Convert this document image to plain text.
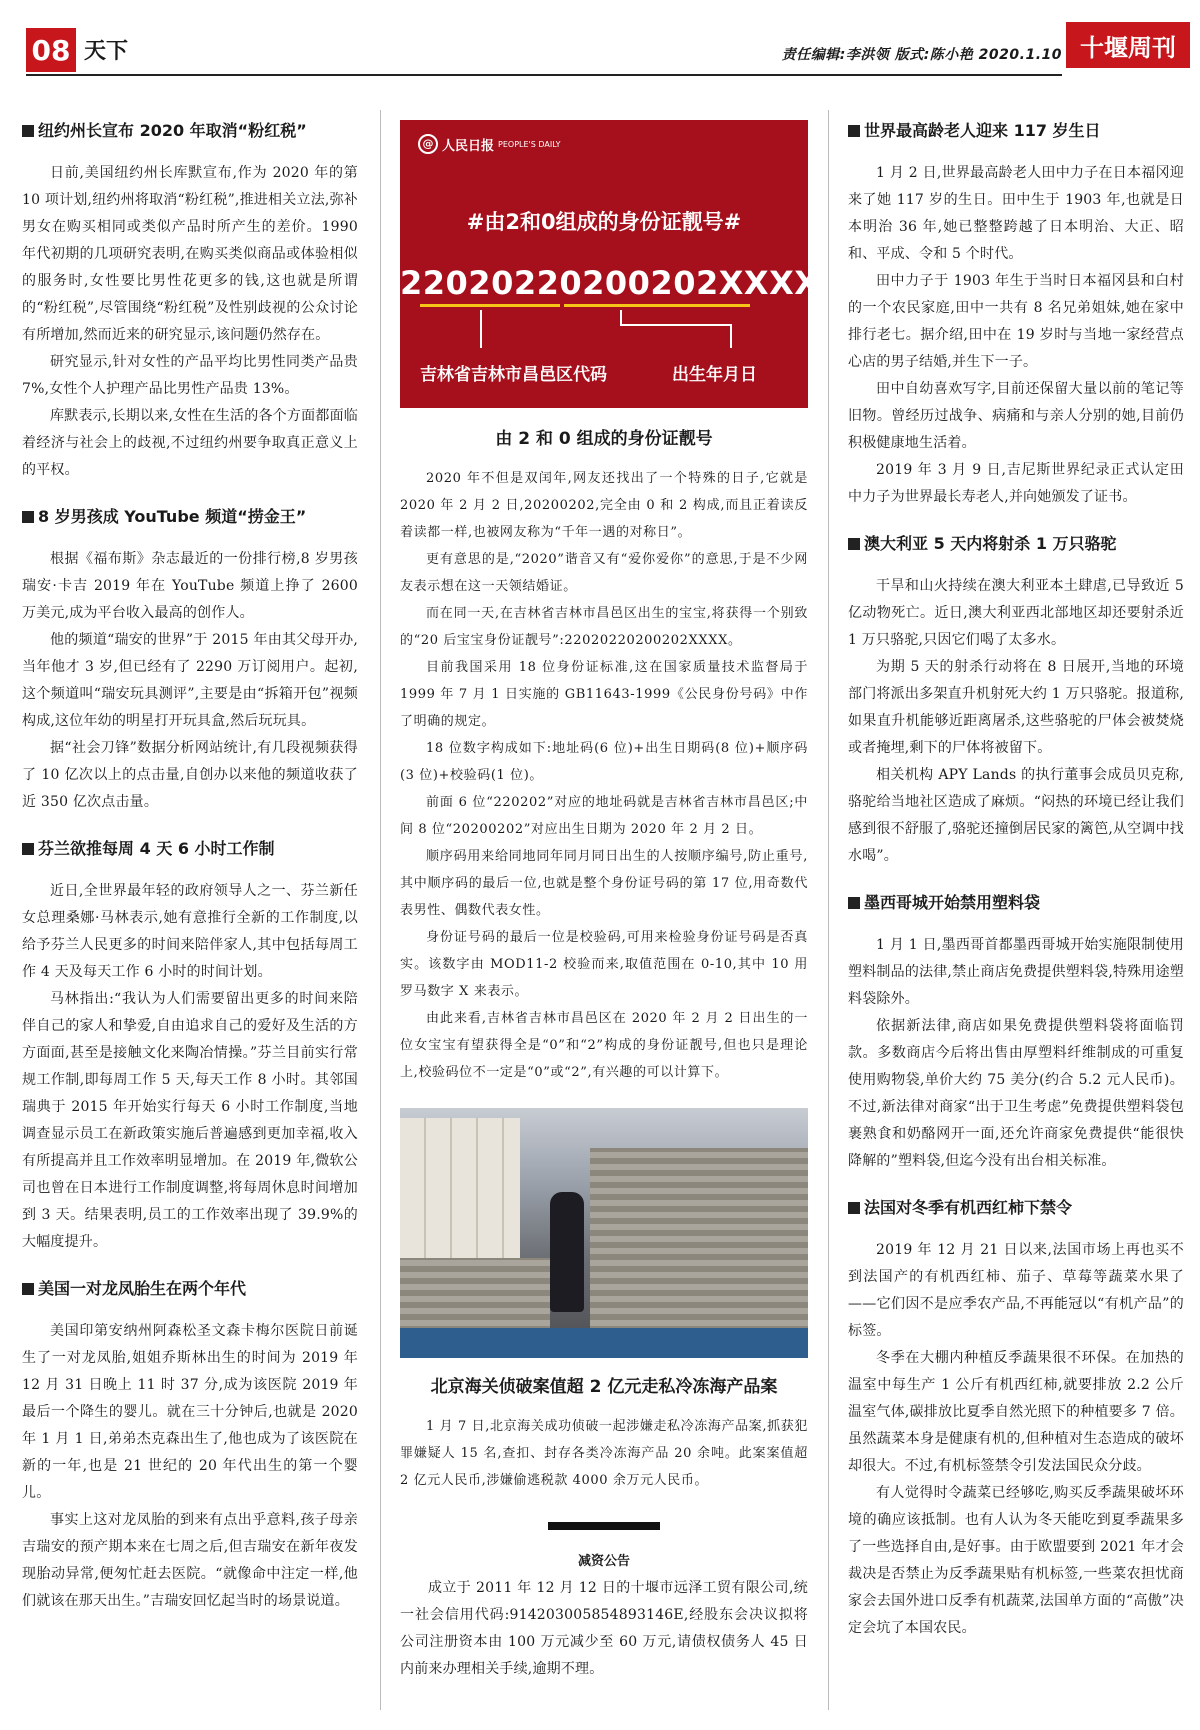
08 天下	责任编辑:李洪领 版式:陈小艳 2020.1.10 十堰周刊
纽约州长宣布 2020 年取消“粉红税”

日前,美国纽约州长库默宣布,作为 2020 年的第 10 项计划,纽约州将取消“粉红税”,推进相关立法,弥补男女在购买相同或类似产品时所产生的差价。1990 年代初期的几项研究表明,在购买类似商品或体验相似的服务时,女性要比男性花更多的钱,这也就是所谓的“粉红税”,尽管围绕“粉红税”及性别歧视的公众讨论有所增加,然而近来的研究显示,该问题仍然存在。

研究显示,针对女性的产品平均比男性同类产品贵 7%,女性个人护理产品比男性产品贵 13%。

库默表示,长期以来,女性在生活的各个方面都面临着经济与社会上的歧视,不过纽约州要争取真正意义上的平权。

8 岁男孩成 YouTube 频道“捞金王”

根据《福布斯》杂志最近的一份排行榜,8 岁男孩瑞安·卡吉 2019 年在 YouTube 频道上挣了 2600 万美元,成为平台收入最高的创作人。

他的频道“瑞安的世界”于 2015 年由其父母开办,当年他才 3 岁,但已经有了 2290 万订阅用户。起初,这个频道叫“瑞安玩具测评”,主要是由“拆箱开包”视频构成,这位年幼的明星打开玩具盒,然后玩玩具。

据“社会刀锋”数据分析网站统计,有几段视频获得了 10 亿次以上的点击量,自创办以来他的频道收获了近 350 亿次点击量。

芬兰欲推每周 4 天 6 小时工作制

近日,全世界最年轻的政府领导人之一、芬兰新任女总理桑娜·马林表示,她有意推行全新的工作制度,以给予芬兰人民更多的时间来陪伴家人,其中包括每周工作 4 天及每天工作 6 小时的时间计划。

马林指出:“我认为人们需要留出更多的时间来陪伴自己的家人和挚爱,自由追求自己的爱好及生活的方方面面,甚至是接触文化来陶冶情操。”芬兰目前实行常规工作制,即每周工作 5 天,每天工作 8 小时。其邻国瑞典于 2015 年开始实行每天 6 小时工作制度,当地调查显示员工在新政策实施后普遍感到更加幸福,收入有所提高并且工作效率明显增加。在 2019 年,微软公司也曾在日本进行工作制度调整,将每周休息时间增加到 3 天。结果表明,员工的工作效率出现了 39.9%的大幅度提升。

美国一对龙凤胎生在两个年代

美国印第安纳州阿森松圣文森卡梅尔医院日前诞生了一对龙凤胎,姐姐乔斯林出生的时间为 2019 年 12 月 31 日晚上 11 时 37 分,成为该医院 2019 年最后一个降生的婴儿。就在三十分钟后,也就是 2020 年 1 月 1 日,弟弟杰克森出生了,他也成为了该医院在新的一年,也是 21 世纪的 20 年代出生的第一个婴儿。

事实上这对龙凤胎的到来有点出乎意料,孩子母亲吉瑞安的预产期本来在七周之后,但吉瑞安在新年夜发现胎动异常,便匆忙赶去医院。“就像命中注定一样,他们就该在那天出生。”吉瑞安回忆起当时的场景说道。

@ 人民日报 PEOPLE'S DAILY
#由2和0组成的身份证靓号#
22020220200202XXXX
吉林省吉林市昌邑区代码	出生年月日
由 2 和 0 组成的身份证靓号

2020 年不但是双闰年,网友还找出了一个特殊的日子,它就是 2020 年 2 月 2 日,20200202,完全由 0 和 2 构成,而且正着读反着读都一样,也被网友称为“千年一遇的对称日”。

更有意思的是,“2020”谐音又有“爱你爱你”的意思,于是不少网友表示想在这一天领结婚证。

而在同一天,在吉林省吉林市昌邑区出生的宝宝,将获得一个别致的“20 后宝宝身份证靓号”:22020220200202XXXX。

目前我国采用 18 位身份证标准,这在国家质量技术监督局于 1999 年 7 月 1 日实施的 GB11643-1999《公民身份号码》中作了明确的规定。

18 位数字构成如下:地址码(6 位)+出生日期码(8 位)+顺序码(3 位)+校验码(1 位)。

前面 6 位“220202”对应的地址码就是吉林省吉林市昌邑区;中间 8 位“20200202”对应出生日期为 2020 年 2 月 2 日。

顺序码用来给同地同年同月同日出生的人按顺序编号,防止重号,其中顺序码的最后一位,也就是整个身份证号码的第 17 位,用奇数代表男性、偶数代表女性。

身份证号码的最后一位是校验码,可用来检验身份证号码是否真实。该数字由 MOD11-2 校验而来,取值范围在 0-10,其中 10 用罗马数字 X 来表示。

由此来看,吉林省吉林市昌邑区在 2020 年 2 月 2 日出生的一位女宝宝有望获得全是“0”和“2”构成的身份证靓号,但也只是理论上,校验码位不一定是“0”或“2”,有兴趣的可以计算下。

北京海关侦破案值超 2 亿元走私冷冻海产品案

1 月 7 日,北京海关成功侦破一起涉嫌走私冷冻海产品案,抓获犯罪嫌疑人 15 名,查扣、封存各类冷冻海产品 20 余吨。此案案值超 2 亿元人民币,涉嫌偷逃税款 4000 余万元人民币。

减资公告

成立于 2011 年 12 月 12 日的十堰市远泽工贸有限公司,统一社会信用代码:914203005854893146E,经股东会决议拟将公司注册资本由 100 万元减少至 60 万元,请债权债务人 45 日内前来办理相关手续,逾期不理。

世界最高龄老人迎来 117 岁生日

1 月 2 日,世界最高龄老人田中力子在日本福冈迎来了她 117 岁的生日。田中生于 1903 年,也就是日本明治 36 年,她已整整跨越了日本明治、大正、昭和、平成、令和 5 个时代。

田中力子于 1903 年生于当时日本福冈县和白村的一个农民家庭,田中一共有 8 名兄弟姐妹,她在家中排行老七。据介绍,田中在 19 岁时与当地一家经营点心店的男子结婚,并生下一子。

田中自幼喜欢写字,目前还保留大量以前的笔记等旧物。曾经历过战争、病痛和与亲人分别的她,目前仍积极健康地生活着。

2019 年 3 月 9 日,吉尼斯世界纪录正式认定田中力子为世界最长寿老人,并向她颁发了证书。

澳大利亚 5 天内将射杀 1 万只骆驼

干旱和山火持续在澳大利亚本土肆虐,已导致近 5 亿动物死亡。近日,澳大利亚西北部地区却还要射杀近 1 万只骆驼,只因它们喝了太多水。

为期 5 天的射杀行动将在 8 日展开,当地的环境部门将派出多架直升机射死大约 1 万只骆驼。报道称,如果直升机能够近距离屠杀,这些骆驼的尸体会被焚烧或者掩埋,剩下的尸体将被留下。

相关机构 APY Lands 的执行董事会成员贝克称,骆驼给当地社区造成了麻烦。“闷热的环境已经让我们感到很不舒服了,骆驼还撞倒居民家的篱笆,从空调中找水喝”。

墨西哥城开始禁用塑料袋

1 月 1 日,墨西哥首都墨西哥城开始实施限制使用塑料制品的法律,禁止商店免费提供塑料袋,特殊用途塑料袋除外。

依据新法律,商店如果免费提供塑料袋将面临罚款。多数商店今后将出售由厚塑料纤维制成的可重复使用购物袋,单价大约 75 美分(约合 5.2 元人民币)。不过,新法律对商家“出于卫生考虑”免费提供塑料袋包裹熟食和奶酪网开一面,还允许商家免费提供“能很快降解的”塑料袋,但迄今没有出台相关标准。

法国对冬季有机西红柿下禁令

2019 年 12 月 21 日以来,法国市场上再也买不到法国产的有机西红柿、茄子、草莓等蔬菜水果了——它们因不是应季农产品,不再能冠以“有机产品”的标签。

冬季在大棚内种植反季蔬果很不环保。在加热的温室中每生产 1 公斤有机西红柿,就要排放 2.2 公斤温室气体,碳排放比夏季自然光照下的种植要多 7 倍。虽然蔬菜本身是健康有机的,但种植对生态造成的破坏却很大。不过,有机标签禁令引发法国民众分歧。

有人觉得时令蔬菜已经够吃,购买反季蔬果破坏环境的确应该抵制。也有人认为冬天能吃到夏季蔬果多了一些选择自由,是好事。由于欧盟要到 2021 年才会裁决是否禁止为反季蔬果贴有机标签,一些菜农担忧商家会去国外进口反季有机蔬菜,法国单方面的“高傲”决定会坑了本国农民。
